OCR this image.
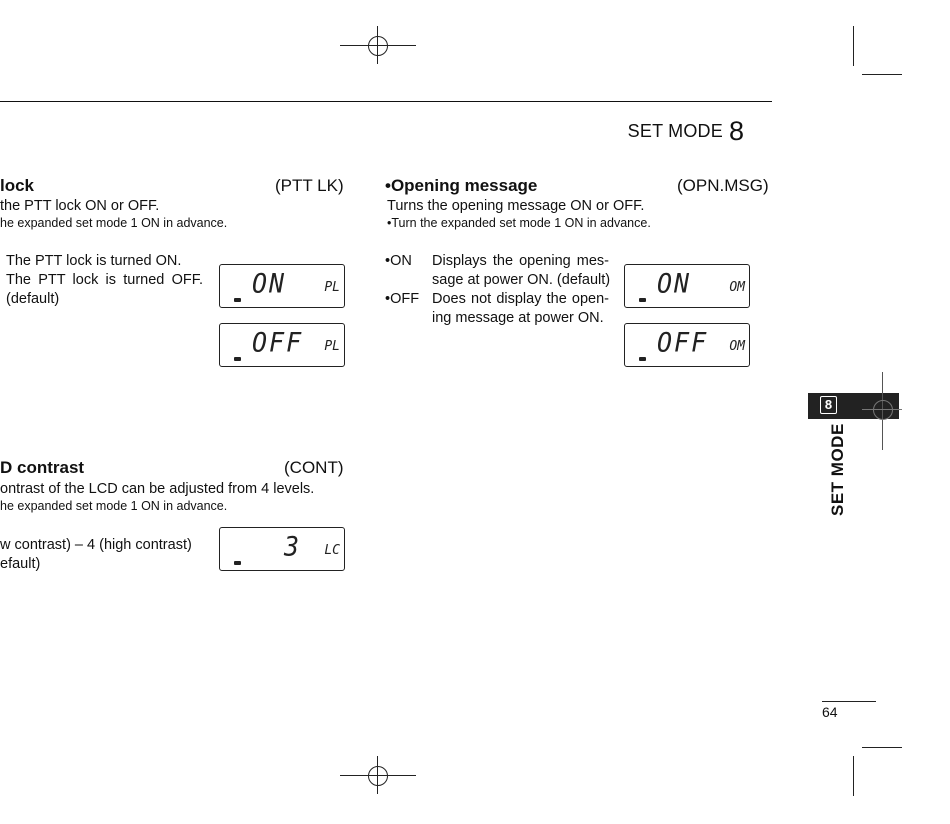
SET MODE 8
lock	(PTT LK)
the PTT lock ON or OFF.
he expanded set mode 1 ON in advance.
The PTT lock is turned ON.
The PTT lock is turned OFF.
(default)
ON	PL
OFF PL
•Opening message	(OPN.MSG)
Turns the opening message ON or OFF.
•Turn the expanded set mode 1 ON in advance.
•ON Displays the opening mes-
sage at power ON. (default)
•OFF Does not display the open-
ing message at power ON.
ON	OM
OFF OM
D contrast	(CONT)
ontrast of the LCD can be adjusted from 4 levels.
he expanded set mode 1 ON in advance.
w contrast) – 4 (high contrast)
efault)
3 LC
8
SET MODE
64
